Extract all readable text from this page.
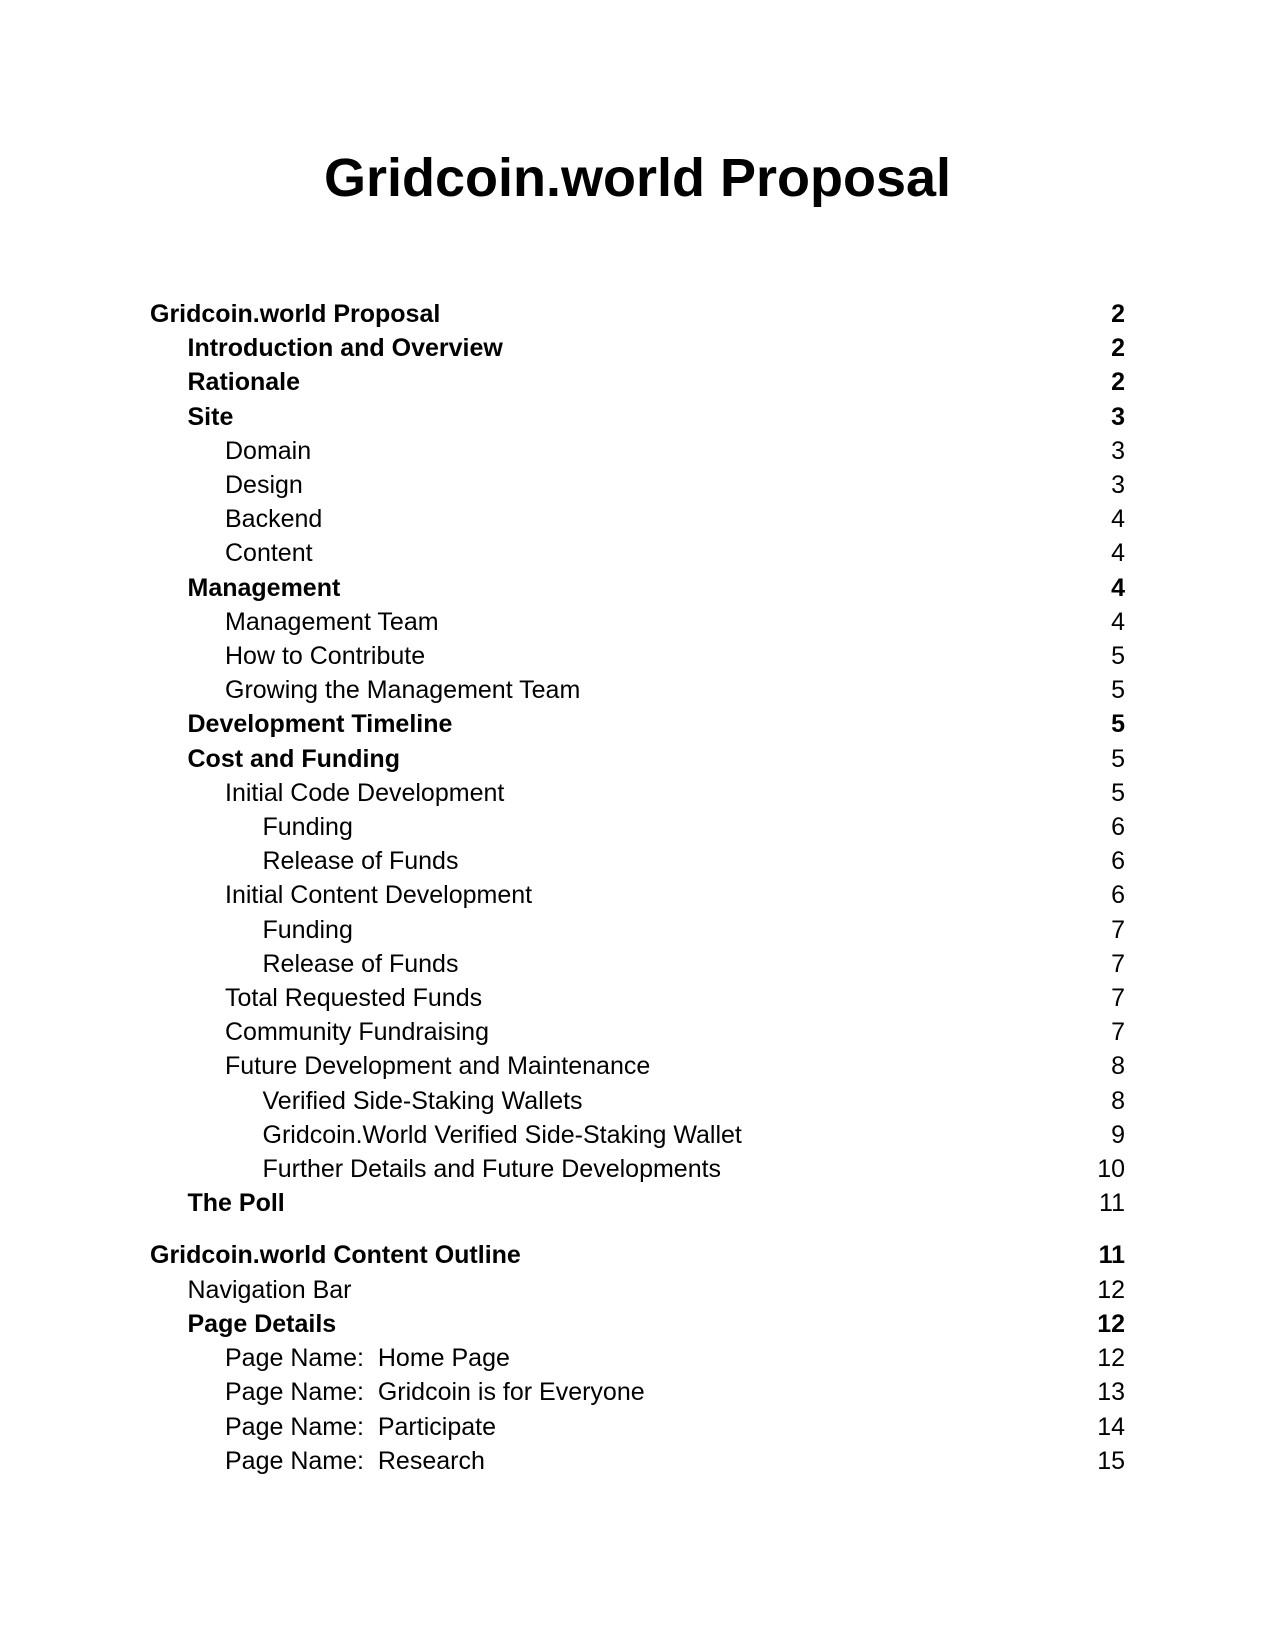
Gridcoin.world Proposal
Gridcoin.world Proposal	2
Introduction and Overview	2
Rationale	2
Site	3
Domain	3
Design	3
Backend	4
Content	4
Management	4
Management Team	4
How to Contribute	5
Growing the Management Team	5
Development Timeline	5
Cost and Funding	5
Initial Code Development	5
Funding	6
Release of Funds	6
Initial Content Development	6
Funding	7
Release of Funds	7
Total Requested Funds	7
Community Fundraising	7
Future Development and Maintenance	8
Verified Side-Staking Wallets	8
Gridcoin.World Verified Side-Staking Wallet	9
Further Details and Future Developments	10
The Poll	11
Gridcoin.world Content Outline	11
Navigation Bar	12
Page Details	12
Page Name:  Home Page	12
Page Name:  Gridcoin is for Everyone	13
Page Name:  Participate	14
Page Name:  Research	15
